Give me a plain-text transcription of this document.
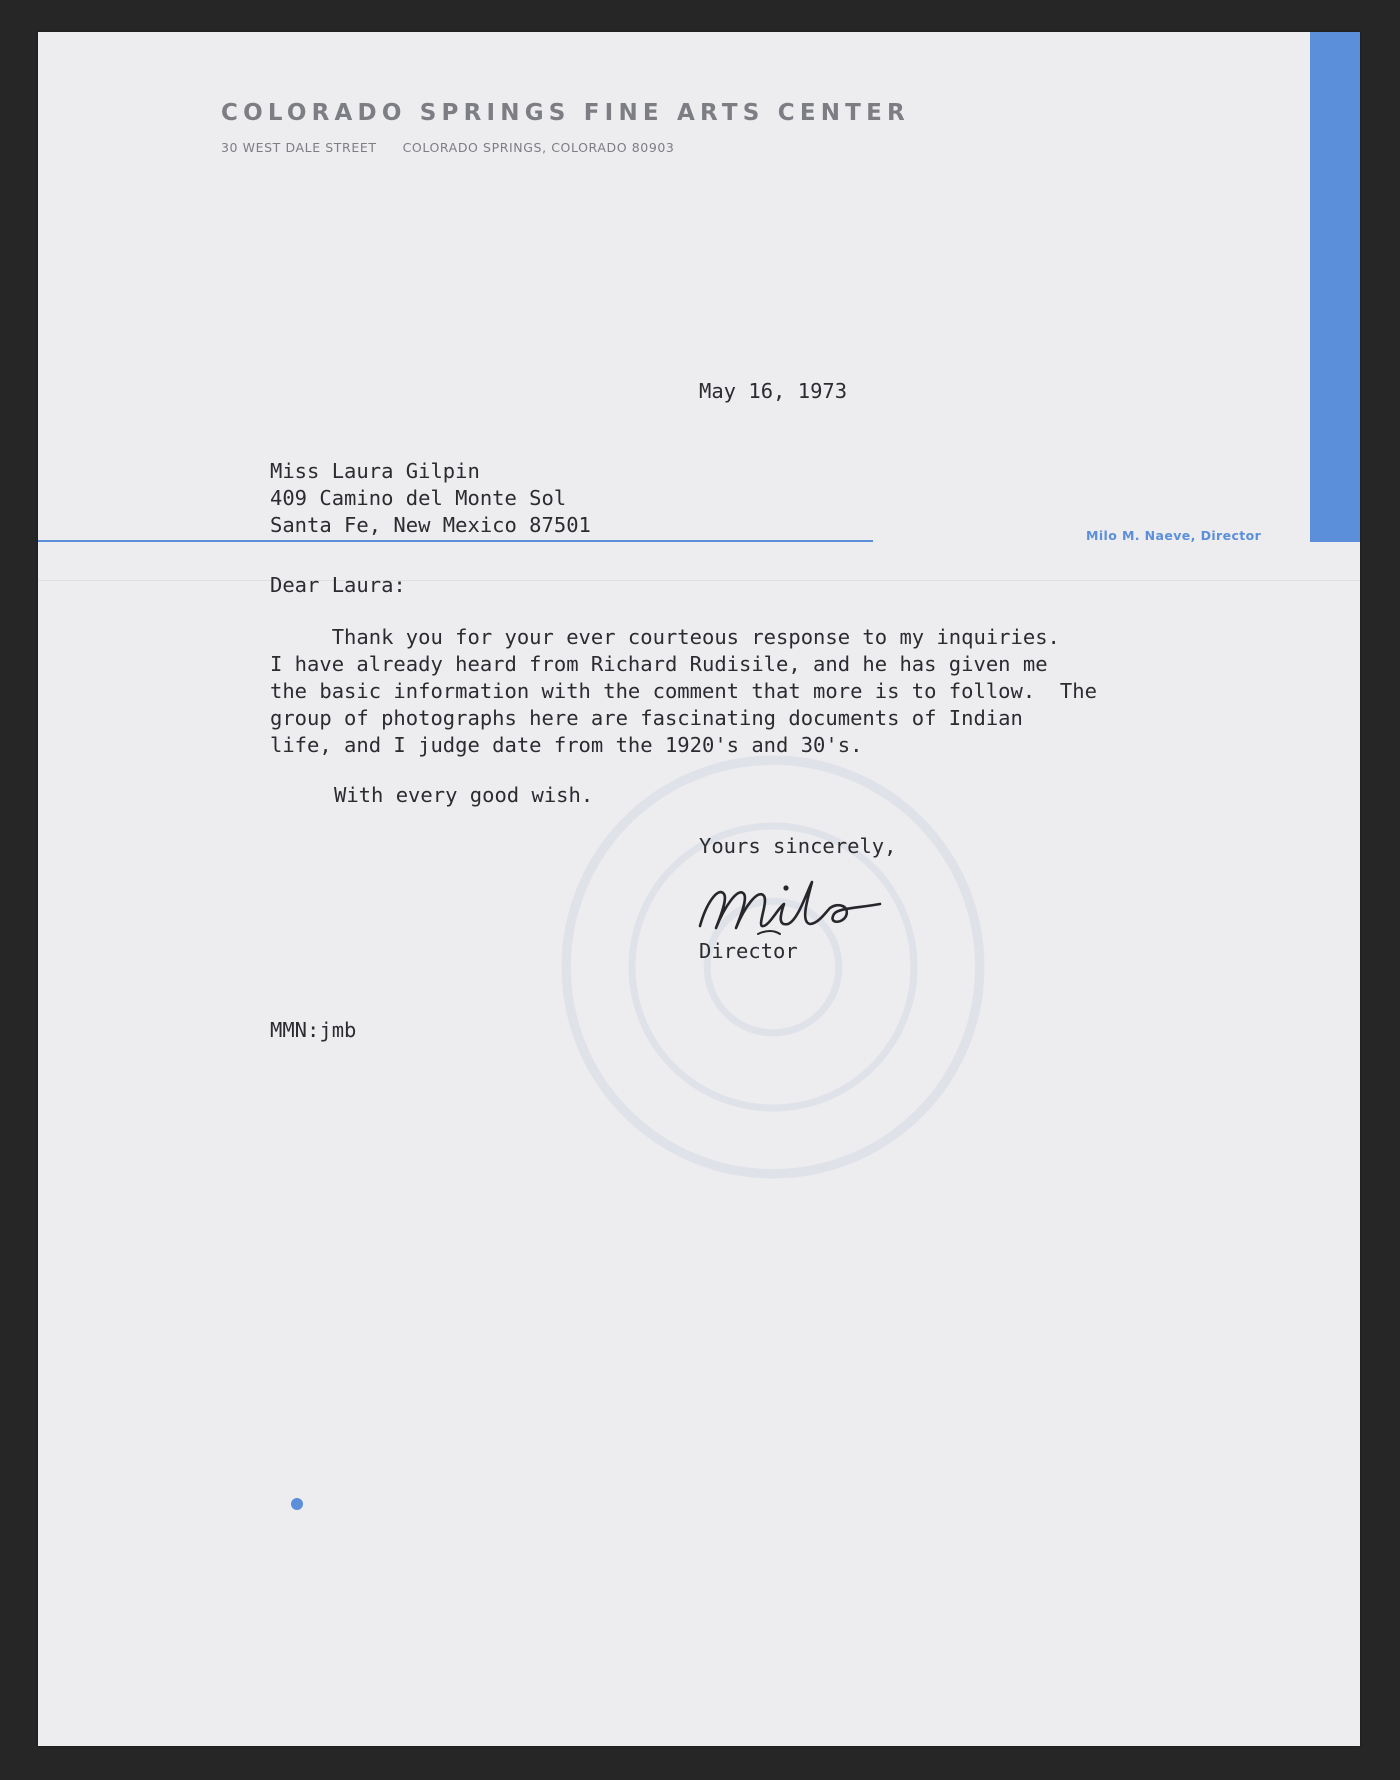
COLORADO SPRINGS FINE ARTS CENTER
30 WEST DALE STREET COLORADO SPRINGS, COLORADO 80903
Milo M. Naeve, Director
May 16, 1973
Miss Laura Gilpin
409 Camino del Monte Sol
Santa Fe, New Mexico 87501
Dear Laura:
Thank you for your ever courteous response to my inquiries.
I have already heard from Richard Rudisile, and he has given me
the basic information with the comment that more is to follow.  The
group of photographs here are fascinating documents of Indian
life, and I judge date from the 1920's and 30's.
With every good wish.
Yours sincerely,
Director
MMN:jmb
